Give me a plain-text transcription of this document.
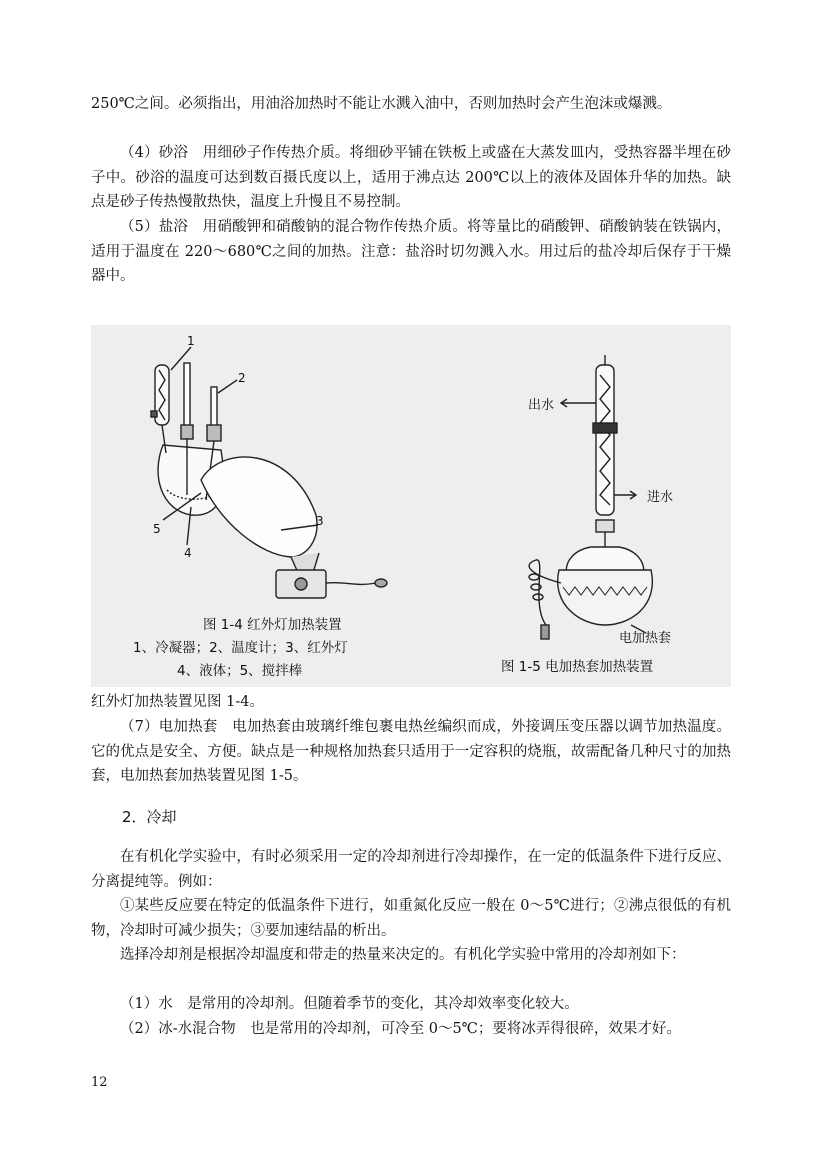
250℃之间。必须指出，用油浴加热时不能让水溅入油中，否则加热时会产生泡沫或爆溅。

（4）砂浴　用细砂子作传热介质。将细砂平铺在铁板上或盛在大蒸发皿内，受热容器半埋在砂子中。砂浴的温度可达到数百摄氏度以上，适用于沸点达 200℃以上的液体及固体升华的加热。缺点是砂子传热慢散热快，温度上升慢且不易控制。

（5）盐浴　用硝酸钾和硝酸钠的混合物作传热介质。将等量比的硝酸钾、硝酸钠装在铁锅内，适用于温度在 220～680℃之间的加热。注意：盐浴时切勿溅入水。用过后的盐冷却后保存于干燥器中。

1
2
3
4
5
出水
进水
电加热套
图 1-4 红外灯加热装置
1、冷凝器；2、温度计；3、红外灯
4、液体；5、搅拌棒	图 1-5 电加热套加热装置

红外灯加热装置见图 1-4。

（7）电加热套　电加热套由玻璃纤维包裹电热丝编织而成，外接调压变压器以调节加热温度。它的优点是安全、方便。缺点是一种规格加热套只适用于一定容积的烧瓶，故需配备几种尺寸的加热套，电加热套加热装置见图 1-5。

2．冷却

在有机化学实验中，有时必须采用一定的冷却剂进行冷却操作，在一定的低温条件下进行反应、分离提纯等。例如：

①某些反应要在特定的低温条件下进行，如重氮化反应一般在 0～5℃进行；②沸点很低的有机物，冷却时可减少损失；③要加速结晶的析出。

选择冷却剂是根据冷却温度和带走的热量来决定的。有机化学实验中常用的冷却剂如下：

（1）水　是常用的冷却剂。但随着季节的变化，其冷却效率变化较大。

（2）冰-水混合物　也是常用的冷却剂，可冷至 0～5℃；要将冰弄得很碎，效果才好。

12
